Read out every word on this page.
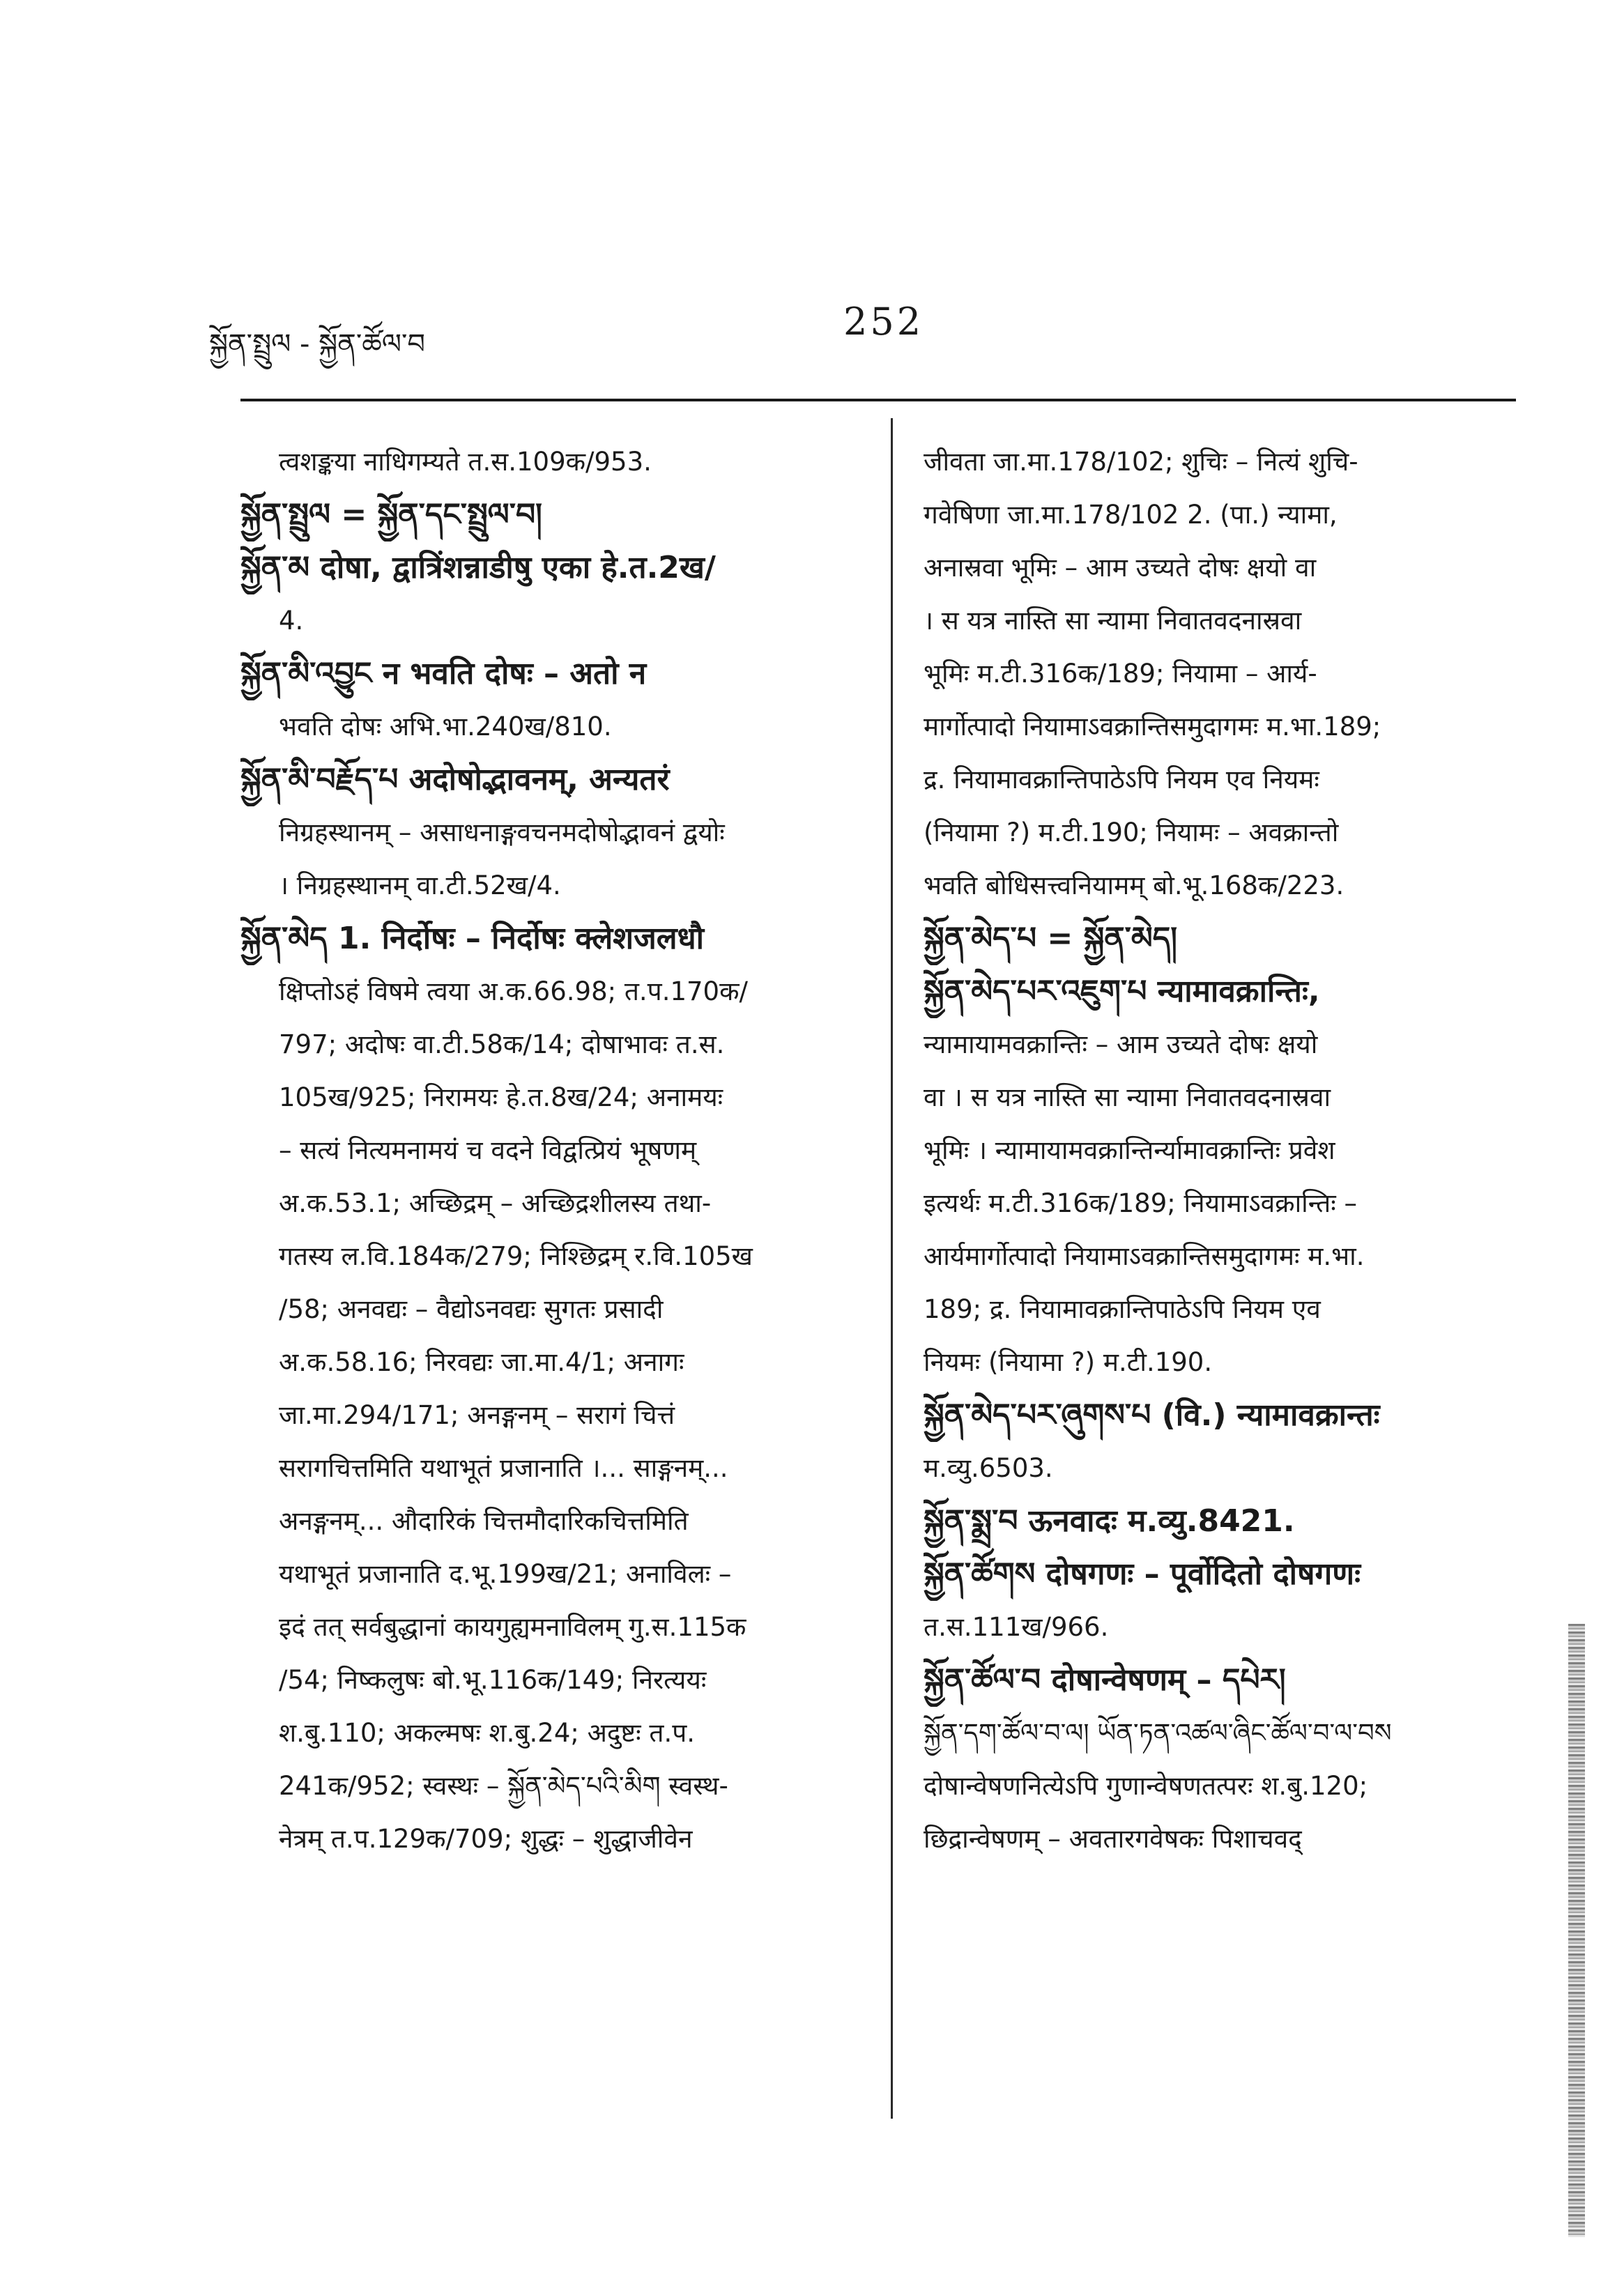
སྐྱོན་སྤྲུལ - སྐྱོན་ཚོལ་བ
252
त्वशङ्कया नाधिगम्यते त.स.109क/953.
སྐྱོན་སྤྲུལ = སྐྱོན་དང་སྤྲུལ་བ།
སྐྱོན་མ दोषा, द्वात्रिंशन्नाडीषु एका हे.त.2ख/
4.
སྐྱོན་མི་འབྱུང न भवति दोषः – अतो न
भवति दोषः अभि.भा.240ख/810.
སྐྱོན་མི་བརྗོད་པ अदोषोद्भावनम्, अन्यतरं
निग्रहस्थानम् – असाधनाङ्गवचनमदोषोद्भावनं द्वयोः
। निग्रहस्थानम् वा.टी.52ख/4.
སྐྱོན་མེད 1. निर्दोषः – निर्दोषः क्लेशजलधौ
क्षिप्तोऽहं विषमे त्वया अ.क.66.98; त.प.170क/
797; अदोषः वा.टी.58क/14; दोषाभावः त.स.
105ख/925; निरामयः हे.त.8ख/24; अनामयः
– सत्यं नित्यमनामयं च वदने विद्वत्प्रियं भूषणम्
अ.क.53.1; अच्छिद्रम् – अच्छिद्रशीलस्य तथा-
गतस्य ल.वि.184क/279; निश्छिद्रम् र.वि.105ख
/58; अनवद्यः – वैद्योऽनवद्यः सुगतः प्रसादी
अ.क.58.16; निरवद्यः जा.मा.4/1; अनागः
जा.मा.294/171; अनङ्गनम् – सरागं चित्तं
सरागचित्तमिति यथाभूतं प्रजानाति ।... साङ्गनम्...
अनङ्गनम्... औदारिकं चित्तमौदारिकचित्तमिति
यथाभूतं प्रजानाति द.भू.199ख/21; अनाविलः –
इदं तत् सर्वबुद्धानां कायगुह्यमनाविलम् गु.स.115क
/54; निष्कलुषः बो.भू.116क/149; निरत्ययः
श.बु.110; अकल्मषः श.बु.24; अदुष्टः त.प.
241क/952; स्वस्थः – སྐྱོན་མེད་པའི་མིག स्वस्थ-
नेत्रम् त.प.129क/709; शुद्धः – शुद्धाजीवेन
जीवता जा.मा.178/102; शुचिः – नित्यं शुचि-
गवेषिणा जा.मा.178/102 2. (पा.) न्यामा,
अनास्रवा भूमिः – आम उच्यते दोषः क्षयो वा
। स यत्र नास्ति सा न्यामा निवातवदनास्रवा
भूमिः म.टी.316क/189; नियामा – आर्य-
मार्गोत्पादो नियामाऽवक्रान्तिसमुदागमः म.भा.189;
द्र. नियामावक्रान्तिपाठेऽपि नियम एव नियमः
(नियामा ?) म.टी.190; नियामः – अवक्रान्तो
भवति बोधिसत्त्वनियामम् बो.भू.168क/223.
སྐྱོན་མེད་པ = སྐྱོན་མེད།
སྐྱོན་མེད་པར་འཇུག་པ न्यामावक्रान्तिः,
न्यामायामवक्रान्तिः – आम उच्यते दोषः क्षयो
वा । स यत्र नास्ति सा न्यामा निवातवदनास्रवा
भूमिः । न्यामायामवक्रान्तिर्न्यामावक्रान्तिः प्रवेश
इत्यर्थः म.टी.316क/189; नियामाऽवक्रान्तिः –
आर्यमार्गोत्पादो नियामाऽवक्रान्तिसमुदागमः म.भा.
189; द्र. नियामावक्रान्तिपाठेऽपि नियम एव
नियमः (नियामा ?) म.टी.190.
སྐྱོན་མེད་པར་ཞུགས་པ (वि.) न्यामावक्रान्तः
म.व्यु.6503.
སྐྱོན་སྨྲ་བ ऊनवादः म.व्यु.8421.
སྐྱོན་ཚོགས दोषगणः – पूर्वोदितो दोषगणः
त.स.111ख/966.
སྐྱོན་ཚོལ་བ दोषान्वेषणम् – དཔེར།
སྐྱོན་དག་ཚོལ་བ་ལ། ཡོན་ཏན་འཚལ་ཞིང་ཚོལ་བ་ལ་བས
दोषान्वेषणनित्येऽपि गुणान्वेषणतत्परः श.बु.120;
छिद्रान्वेषणम् – अवतारगवेषकः पिशाचवद्
